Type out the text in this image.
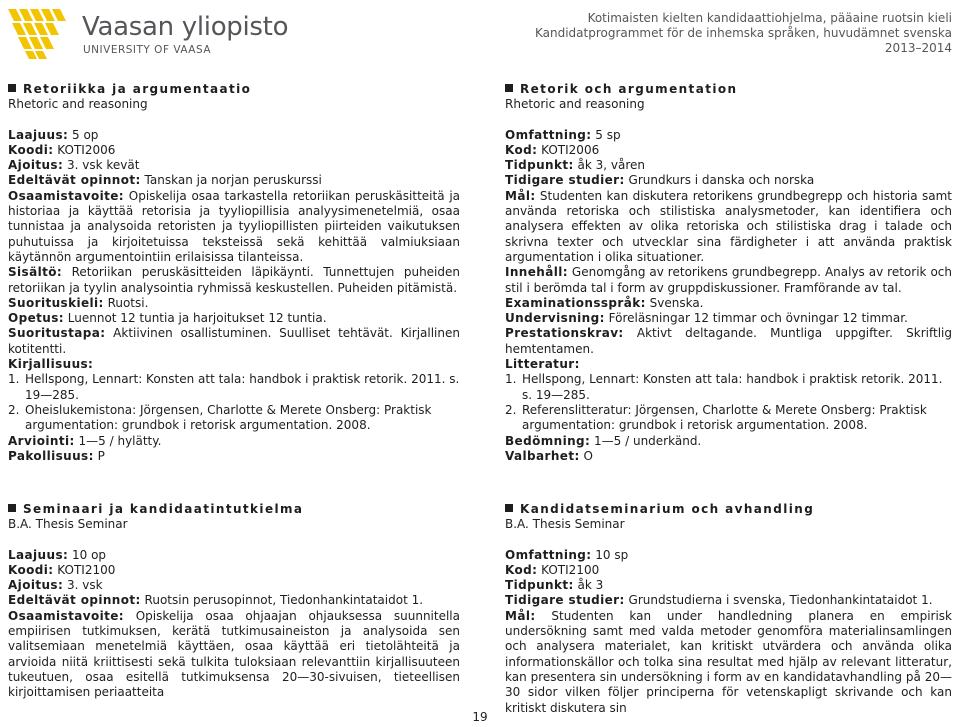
Vaasan yliopisto
UNIVERSITY OF VAASA
Kotimaisten kielten kandidaattiohjelma, pääaine ruotsin kieli
Kandidatprogrammet för de inhemska språken, huvudämnet svenska
2013–2014
Retoriikka ja argumentaatio
Rhetoric and reasoning

Laajuus: 5 op

Koodi: KOTI2006

Ajoitus: 3. vsk kevät

Edeltävät opinnot: Tanskan ja norjan peruskurssi

Osaamistavoite: Opiskelija osaa tarkastella retoriikan peruskäsitteitä ja historiaa ja käyttää retorisia ja tyyliopillisia analyysimenetelmiä, osaa tunnistaa ja analysoida retoristen ja tyyliopillisten piirteiden vaikutuksen puhutuissa ja kirjoitetuissa teksteissä sekä kehittää valmiuksiaan käytännön argumentointiin erilaisissa tilanteissa.

Sisältö: Retoriikan peruskäsitteiden läpikäynti. Tunnettujen puheiden retoriikan ja tyylin analysointia ryhmissä keskustellen. Puheiden pitämistä.

Suorituskieli: Ruotsi.

Opetus: Luennot 12 tuntia ja harjoitukset 12 tuntia.

Suoritustapa: Aktiivinen osallistuminen. Suulliset tehtävät. Kirjallinen kotitentti.

Kirjallisuus:

1. Hellspong, Lennart: Konsten att tala: handbok i praktisk retorik. 2011. s. 19—285.
2. Oheislukemistona: Jörgensen, Charlotte & Merete Onsberg: Praktisk argumentation: grundbok i retorisk argumentation. 2008.

Arviointi: 1—5 / hylätty.

Pakollisuus: P

Retorik och argumentation
Rhetoric and reasoning

Omfattning: 5 sp

Kod: KOTI2006

Tidpunkt: åk 3, våren

Tidigare studier: Grundkurs i danska och norska

Mål: Studenten kan diskutera retorikens grundbegrepp och historia samt använda retoriska och stilistiska analysmetoder, kan identifiera och analysera effekten av olika retoriska och stilistiska drag i talade och skrivna texter och utvecklar sina färdigheter i att använda praktisk argumentation i olika situationer.

Innehåll: Genomgång av retorikens grundbegrepp. Analys av retorik och stil i berömda tal i form av gruppdiskussioner. Framförande av tal.

Examinationsspråk: Svenska.

Undervisning: Föreläsningar 12 timmar och övningar 12 timmar.

Prestationskrav: Aktivt deltagande. Muntliga uppgifter. Skriftlig hemtentamen.

Litteratur:

1. Hellspong, Lennart: Konsten att tala: handbok i praktisk retorik. 2011. s. 19—285.
2. Referenslitteratur: Jörgensen, Charlotte & Merete Onsberg: Praktisk argumentation: grundbok i retorisk argumentation. 2008.

Bedömning: 1—5 / underkänd.

Valbarhet: O

Seminaari ja kandidaatintutkielma
B.A. Thesis Seminar

Laajuus: 10 op

Koodi: KOTI2100

Ajoitus: 3. vsk

Edeltävät opinnot: Ruotsin perusopinnot, Tiedonhankintataidot 1.

Osaamistavoite: Opiskelija osaa ohjaajan ohjauksessa suunnitella empiirisen tutkimuksen, kerätä tutkimusaineiston ja analysoida sen valitsemiaan menetelmiä käyttäen, osaa käyttää eri tietolähteitä ja arvioida niitä kriittisesti sekä tulkita tuloksiaan relevanttiin kirjallisuuteen tukeutuen, osaa esitellä tutkimuksensa 20—30-sivuisen, tieteellisen kirjoittamisen periaatteita

Kandidatseminarium och avhandling
B.A. Thesis Seminar

Omfattning: 10 sp

Kod: KOTI2100

Tidpunkt: åk 3

Tidigare studier: Grundstudierna i svenska, Tiedonhankintataidot 1.

Mål: Studenten kan under handledning planera en empirisk undersökning samt med valda metoder genomföra materialinsamlingen och analysera materialet, kan kritiskt utvärdera och använda olika informationskällor och tolka sina resultat med hjälp av relevant litteratur, kan presentera sin undersökning i form av en kandidatavhandling på 20—30 sidor vilken följer principerna för vetenskapligt skrivande och kan kritiskt diskutera sin

19
